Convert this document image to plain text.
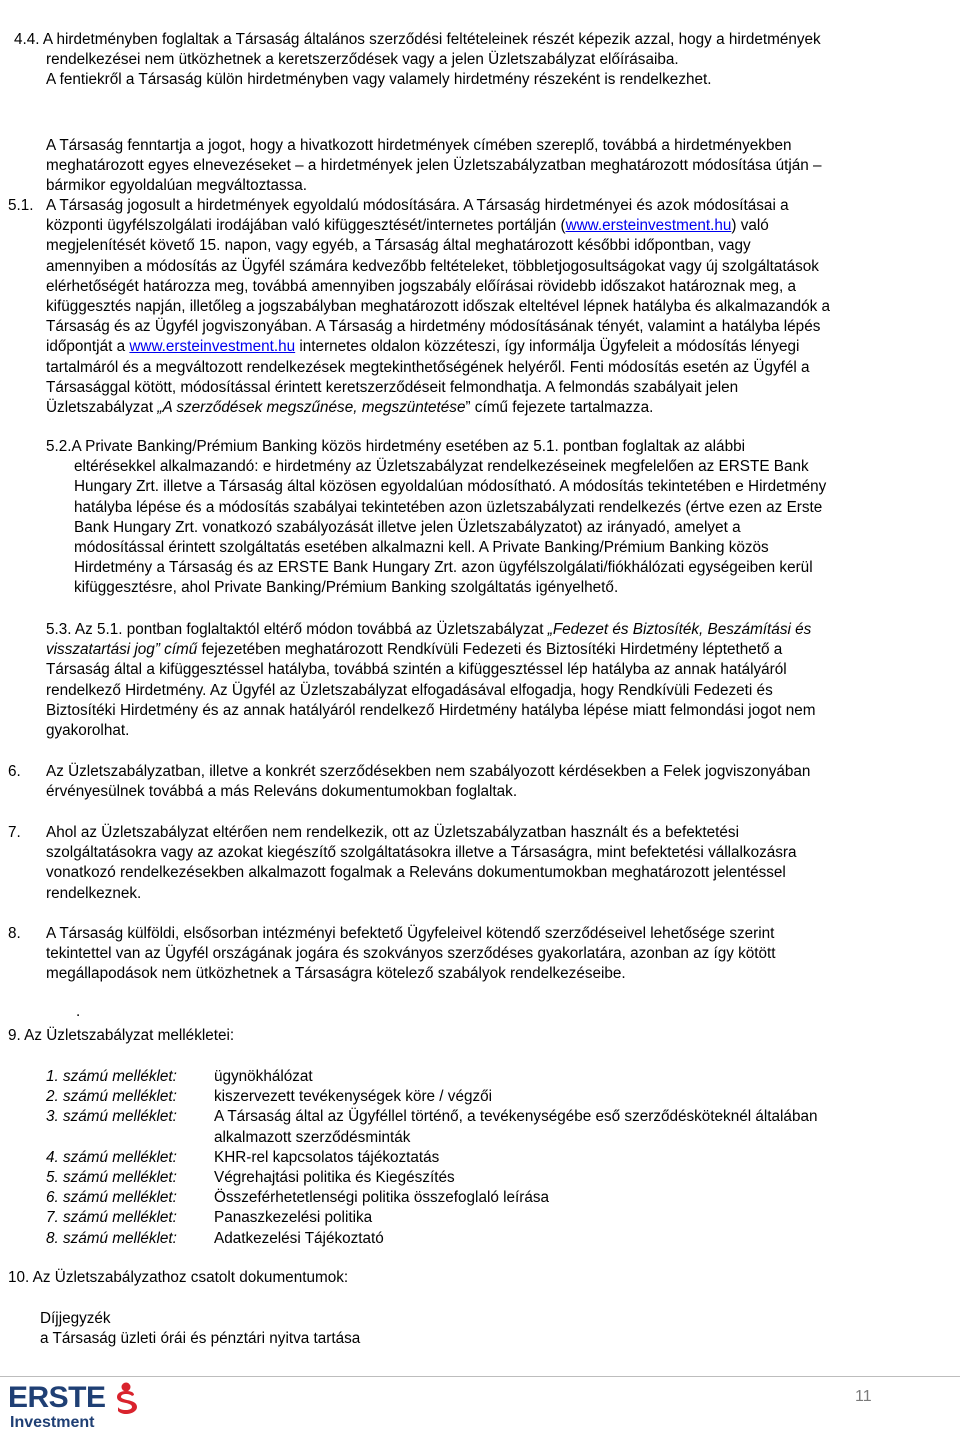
4.4. A hirdetményben foglaltak a Társaság általános szerződési feltételeinek részét képezik azzal, hogy a hirdetmények
rendelkezései nem ütközhetnek a keretszerződések vagy a jelen Üzletszabályzat előírásaiba.
A fentiekről a Társaság külön hirdetményben vagy valamely hirdetmény részeként is rendelkezhet.
A Társaság fenntartja a jogot, hogy a hivatkozott hirdetmények címében szereplő, továbbá a hirdetményekben
meghatározott egyes elnevezéseket – a hirdetmények jelen Üzletszabályzatban meghatározott módosítása útján –
bármikor egyoldalúan megváltoztassa.
5.1. A Társaság jogosult a hirdetmények egyoldalú módosítására. A Társaság hirdetményei és azok módosításai a
központi ügyfélszolgálati irodájában való kifüggesztését/internetes portálján (www.ersteinvestment.hu) való
megjelenítését követő 15. napon, vagy egyéb, a Társaság által meghatározott későbbi időpontban, vagy
amennyiben a módosítás az Ügyfél számára kedvezőbb feltételeket, többletjogosultságokat vagy új szolgáltatások
elérhetőségét határozza meg, továbbá amennyiben jogszabály előírásai rövidebb időszakot határoznak meg, a
kifüggesztés napján, illetőleg a jogszabályban meghatározott időszak elteltével lépnek hatályba és alkalmazandók a
Társaság és az Ügyfél jogviszonyában. A Társaság a hirdetmény módosításának tényét, valamint a hatályba lépés
időpontját a www.ersteinvestment.hu internetes oldalon közzéteszi, így informálja Ügyfeleit a módosítás lényegi
tartalmáról és a megváltozott rendelkezések megtekinthetőségének helyéről. Fenti módosítás esetén az Ügyfél a
Társasággal kötött, módosítással érintett keretszerződéseit felmondhatja. A felmondás szabályait jelen
Üzletszabályzat „A szerződések megszűnése, megszüntetése” című fejezete tartalmazza.
5.2.A Private Banking/Prémium Banking közös hirdetmény esetében az 5.1. pontban foglaltak az alábbi
eltérésekkel alkalmazandó: e hirdetmény az Üzletszabályzat rendelkezéseinek megfelelően az ERSTE Bank
Hungary Zrt. illetve a Társaság által közösen egyoldalúan módosítható. A módosítás tekintetében e Hirdetmény
hatályba lépése és a módosítás szabályai tekintetében azon üzletszabályzati rendelkezés (értve ezen az Erste
Bank Hungary Zrt. vonatkozó szabályozását illetve jelen Üzletszabályzatot) az irányadó, amelyet a
módosítással érintett szolgáltatás esetében alkalmazni kell. A Private Banking/Prémium Banking közös
Hirdetmény a Társaság és az ERSTE Bank Hungary Zrt. azon ügyfélszolgálati/fiókhálózati egységeiben kerül
kifüggesztésre, ahol Private Banking/Prémium Banking szolgáltatás igényelhető.
5.3. Az 5.1. pontban foglaltaktól eltérő módon továbbá az Üzletszabályzat „Fedezet és Biztosíték, Beszámítási és
visszatartási jog” című fejezetében meghatározott Rendkívüli Fedezeti és Biztosítéki Hirdetmény léptethető a
Társaság által a kifüggesztéssel hatályba, továbbá szintén a kifüggesztéssel lép hatályba az annak hatályáról
rendelkező Hirdetmény. Az Ügyfél az Üzletszabályzat elfogadásával elfogadja, hogy Rendkívüli Fedezeti és
Biztosítéki Hirdetmény és az annak hatályáról rendelkező Hirdetmény hatályba lépése miatt felmondási jogot nem
gyakorolhat.
6. Az Üzletszabályzatban, illetve a konkrét szerződésekben nem szabályozott kérdésekben a Felek jogviszonyában
érvényesülnek továbbá a más Releváns dokumentumokban foglaltak.
7. Ahol az Üzletszabályzat eltérően nem rendelkezik, ott az Üzletszabályzatban használt és a befektetési
szolgáltatásokra vagy az azokat kiegészítő szolgáltatásokra illetve a Társaságra, mint befektetési vállalkozásra
vonatkozó rendelkezésekben alkalmazott fogalmak a Releváns dokumentumokban meghatározott jelentéssel
rendelkeznek.
8. A Társaság külföldi, elsősorban intézményi befektető Ügyfeleivel kötendő szerződéseivel lehetősége szerint
tekintettel van az Ügyfél országának jogára és szokványos szerződéses gyakorlatára, azonban az így kötött
megállapodások nem ütközhetnek a Társaságra kötelező szabályok rendelkezéseibe.
.
9. Az Üzletszabályzat mellékletei:
1. számú melléklet:	ügynökhálózat
2. számú melléklet:	kiszervezett tevékenységek köre / végzői
3. számú melléklet:	A Társaság által az Ügyféllel történő, a tevékenységébe eső szerződésköteknél általában
alkalmazott szerződésminták
4. számú melléklet:	KHR-rel kapcsolatos tájékoztatás
5. számú melléklet:	Végrehajtási politika és Kiegészítés
6. számú melléklet:	Összeférhetetlenségi politika összefoglaló leírása
7. számú melléklet:	Panaszkezelési politika
8. számú melléklet:	Adatkezelési Tájékoztató
10. Az Üzletszabályzathoz csatolt dokumentumok:
Díjjegyzék
a Társaság üzleti órái és pénztári nyitva tartása
ERSTE
Investment
11
